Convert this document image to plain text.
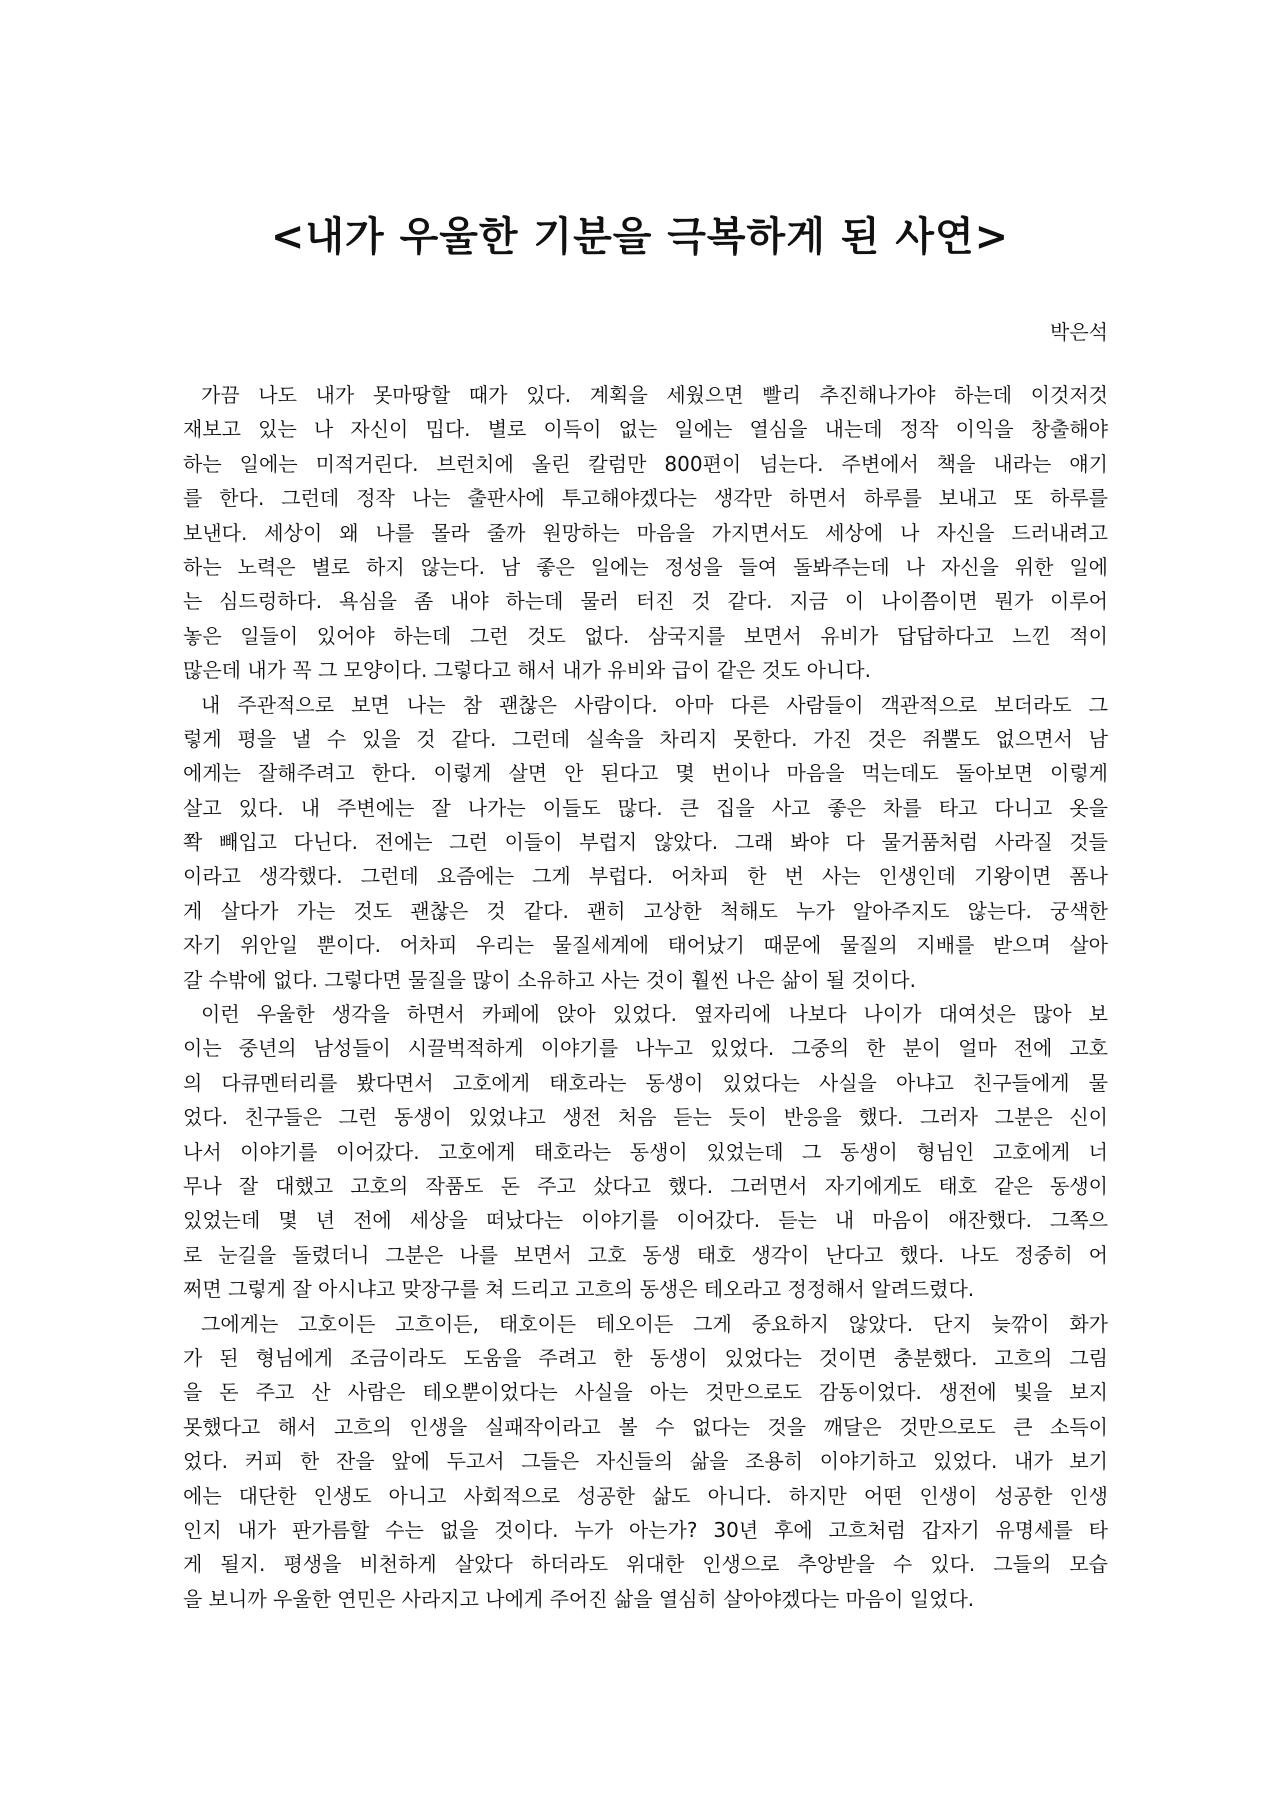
<내가 우울한 기분을 극복하게 된 사연>
박은석
가끔 나도 내가 못마땅할 때가 있다. 계획을 세웠으면 빨리 추진해나가야 하는데 이것저것
재보고 있는 나 자신이 밉다. 별로 이득이 없는 일에는 열심을 내는데 정작 이익을 창출해야
하는 일에는 미적거린다. 브런치에 올린 칼럼만 800편이 넘는다. 주변에서 책을 내라는 얘기
를 한다. 그런데 정작 나는 출판사에 투고해야겠다는 생각만 하면서 하루를 보내고 또 하루를
보낸다. 세상이 왜 나를 몰라 줄까 원망하는 마음을 가지면서도 세상에 나 자신을 드러내려고
하는 노력은 별로 하지 않는다. 남 좋은 일에는 정성을 들여 돌봐주는데 나 자신을 위한 일에
는 심드렁하다. 욕심을 좀 내야 하는데 물러 터진 것 같다. 지금 이 나이쯤이면 뭔가 이루어
놓은 일들이 있어야 하는데 그런 것도 없다. 삼국지를 보면서 유비가 답답하다고 느낀 적이
많은데 내가 꼭 그 모양이다. 그렇다고 해서 내가 유비와 급이 같은 것도 아니다.
내 주관적으로 보면 나는 참 괜찮은 사람이다. 아마 다른 사람들이 객관적으로 보더라도 그
렇게 평을 낼 수 있을 것 같다. 그런데 실속을 차리지 못한다. 가진 것은 쥐뿔도 없으면서 남
에게는 잘해주려고 한다. 이렇게 살면 안 된다고 몇 번이나 마음을 먹는데도 돌아보면 이렇게
살고 있다. 내 주변에는 잘 나가는 이들도 많다. 큰 집을 사고 좋은 차를 타고 다니고 옷을
쫙 빼입고 다닌다. 전에는 그런 이들이 부럽지 않았다. 그래 봐야 다 물거품처럼 사라질 것들
이라고 생각했다. 그런데 요즘에는 그게 부럽다. 어차피 한 번 사는 인생인데 기왕이면 폼나
게 살다가 가는 것도 괜찮은 것 같다. 괜히 고상한 척해도 누가 알아주지도 않는다. 궁색한
자기 위안일 뿐이다. 어차피 우리는 물질세계에 태어났기 때문에 물질의 지배를 받으며 살아
갈 수밖에 없다. 그렇다면 물질을 많이 소유하고 사는 것이 훨씬 나은 삶이 될 것이다.
이런 우울한 생각을 하면서 카페에 앉아 있었다. 옆자리에 나보다 나이가 대여섯은 많아 보
이는 중년의 남성들이 시끌벅적하게 이야기를 나누고 있었다. 그중의 한 분이 얼마 전에 고호
의 다큐멘터리를 봤다면서 고호에게 태호라는 동생이 있었다는 사실을 아냐고 친구들에게 물
었다. 친구들은 그런 동생이 있었냐고 생전 처음 듣는 듯이 반응을 했다. 그러자 그분은 신이
나서 이야기를 이어갔다. 고호에게 태호라는 동생이 있었는데 그 동생이 형님인 고호에게 너
무나 잘 대했고 고호의 작품도 돈 주고 샀다고 했다. 그러면서 자기에게도 태호 같은 동생이
있었는데 몇 년 전에 세상을 떠났다는 이야기를 이어갔다. 듣는 내 마음이 애잔했다. 그쪽으
로 눈길을 돌렸더니 그분은 나를 보면서 고호 동생 태호 생각이 난다고 했다. 나도 정중히 어
쩌면 그렇게 잘 아시냐고 맞장구를 쳐 드리고 고흐의 동생은 테오라고 정정해서 알려드렸다.
그에게는 고호이든 고흐이든, 태호이든 테오이든 그게 중요하지 않았다. 단지 늦깎이 화가
가 된 형님에게 조금이라도 도움을 주려고 한 동생이 있었다는 것이면 충분했다. 고흐의 그림
을 돈 주고 산 사람은 테오뿐이었다는 사실을 아는 것만으로도 감동이었다. 생전에 빛을 보지
못했다고 해서 고흐의 인생을 실패작이라고 볼 수 없다는 것을 깨달은 것만으로도 큰 소득이
었다. 커피 한 잔을 앞에 두고서 그들은 자신들의 삶을 조용히 이야기하고 있었다. 내가 보기
에는 대단한 인생도 아니고 사회적으로 성공한 삶도 아니다. 하지만 어떤 인생이 성공한 인생
인지 내가 판가름할 수는 없을 것이다. 누가 아는가? 30년 후에 고흐처럼 갑자기 유명세를 타
게 될지. 평생을 비천하게 살았다 하더라도 위대한 인생으로 추앙받을 수 있다. 그들의 모습
을 보니까 우울한 연민은 사라지고 나에게 주어진 삶을 열심히 살아야겠다는 마음이 일었다.
